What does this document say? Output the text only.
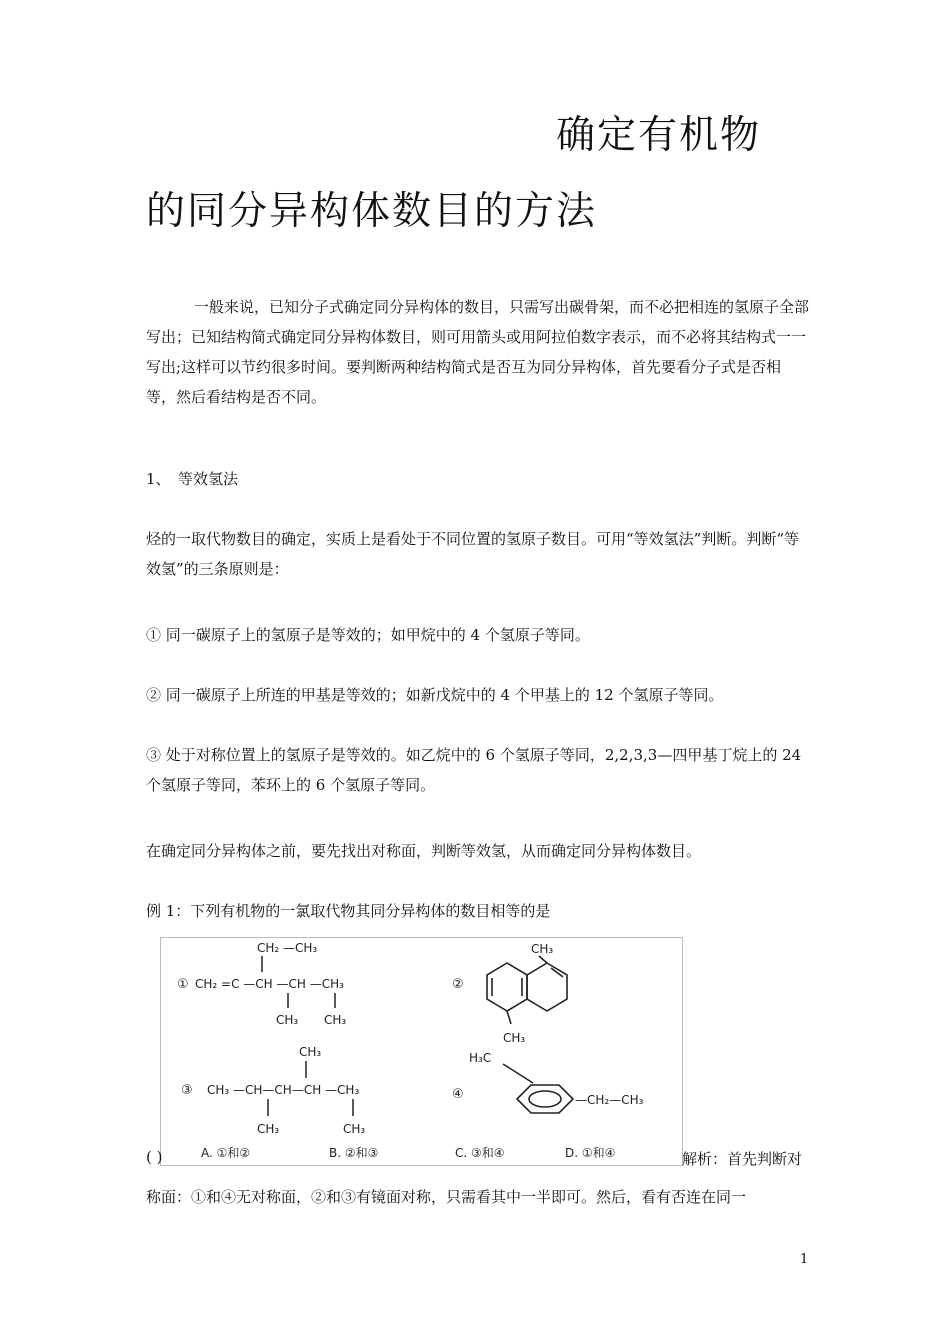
确定有机物
的同分异构体数目的方法

一般来说，已知分子式确定同分异构体的数目，只需写出碳骨架，而不必把相连的氢原子全部写出；已知结构简式确定同分异构体数目，则可用箭头或用阿拉伯数字表示，而不必将其结构式一一写出;这样可以节约很多时间。要判断两种结构简式是否互为同分异构体，首先要看分子式是否相等，然后看结构是否不同。

1、　等效氢法

烃的一取代物数目的确定，实质上是看处于不同位置的氢原子数目。可用“等效氢法”判断。判断“等效氢”的三条原则是：

① 同一碳原子上的氢原子是等效的；如甲烷中的 4 个氢原子等同。

② 同一碳原子上所连的甲基是等效的；如新戊烷中的 4 个甲基上的 12 个氢原子等同。

③ 处于对称位置上的氢原子是等效的。如乙烷中的 6 个氢原子等同，2,2,3,3—四甲基丁烷上的 24 个氢原子等同，苯环上的 6 个氢原子等同。

在确定同分异构体之前，要先找出对称面，判断等效氢，从而确定同分异构体数目。

例 1：下列有机物的一氯取代物其同分异构体的数目相等的是

①
CH₂ —CH₃
CH₂ =C —CH —CH —CH₃
CH₃ CH₃
②
CH₃
CH₃
③
CH₃
CH₃ —CH—CH—CH —CH₃
CH₃	CH₃
④
H₃C
—CH₂—CH₃
A. ①和②	B. ②和③	C. ③和④	D. ①和④
( )	解析：首先判断对

称面：①和④无对称面，②和③有镜面对称，只需看其中一半即可。然后，看有否连在同一

1
